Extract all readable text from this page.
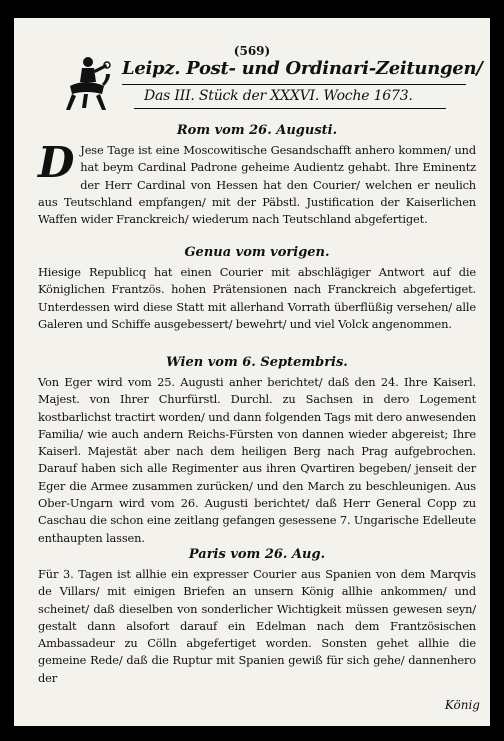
(569)
Leipz. Post- und Ordinari-Zeitungen/
Das III. Stück der XXXVI. Woche 1673.
Rom vom 26. Augusti.

D Jese Tage ist eine Moscowitische Gesandschafft anhero kommen/ und hat beym Cardinal Padrone geheime Audientz gehabt. Ihre Eminentz der Herr Cardinal von Hessen hat den Courier/ welchen er neulich aus Teutschland empfangen/ mit der Päbstl. Justification der Kaiserlichen Waffen wider Franckreich/ wiederum nach Teutschland abgefertiget.

Genua vom vorigen.

Hiesige Republicq hat einen Courier mit abschlägiger Antwort auf die Königlichen Frantzös. hohen Prätensionen nach Franckreich abgefertiget. Unterdessen wird diese Statt mit allerhand Vorrath überflüßig versehen/ alle Galeren und Schiffe ausgebessert/ bewehrt/ und viel Volck angenommen.

Wien vom 6. Septembris.

Von Eger wird vom 25. Augusti anher berichtet/ daß den 24. Ihre Kaiserl. Majest. von Ihrer Churfürstl. Durchl. zu Sachsen in dero Logement kostbarlichst tractirt worden/ und dann folgenden Tags mit dero anwesenden Familia/ wie auch andern Reichs-Fürsten von dannen wieder abgereist; Ihre Kaiserl. Majestät aber nach dem heiligen Berg nach Prag aufgebrochen. Darauf haben sich alle Regimenter aus ihren Qvartiren begeben/ jenseit der Eger die Armee zusammen zurücken/ und den March zu beschleunigen. Aus Ober-Ungarn wird vom 26. Augusti berichtet/ daß Herr General Copp zu Caschau die schon eine zeitlang gefangen gesessene 7. Ungarische Edelleute enthaupten lassen.

Paris vom 26. Aug.

Für 3. Tagen ist allhie ein expresser Courier aus Spanien von dem Marqvis de Villars/ mit einigen Briefen an unsern König allhie ankommen/ und scheinet/ daß dieselben von sonderlicher Wichtigkeit müssen gewesen seyn/ gestalt dann alsofort darauf ein Edelman nach dem Frantzösischen Ambassadeur zu Cölln abgefertiget worden. Sonsten gehet allhie die gemeine Rede/ daß die Ruptur mit Spanien gewiß für sich gehe/ dannenhero der

König
